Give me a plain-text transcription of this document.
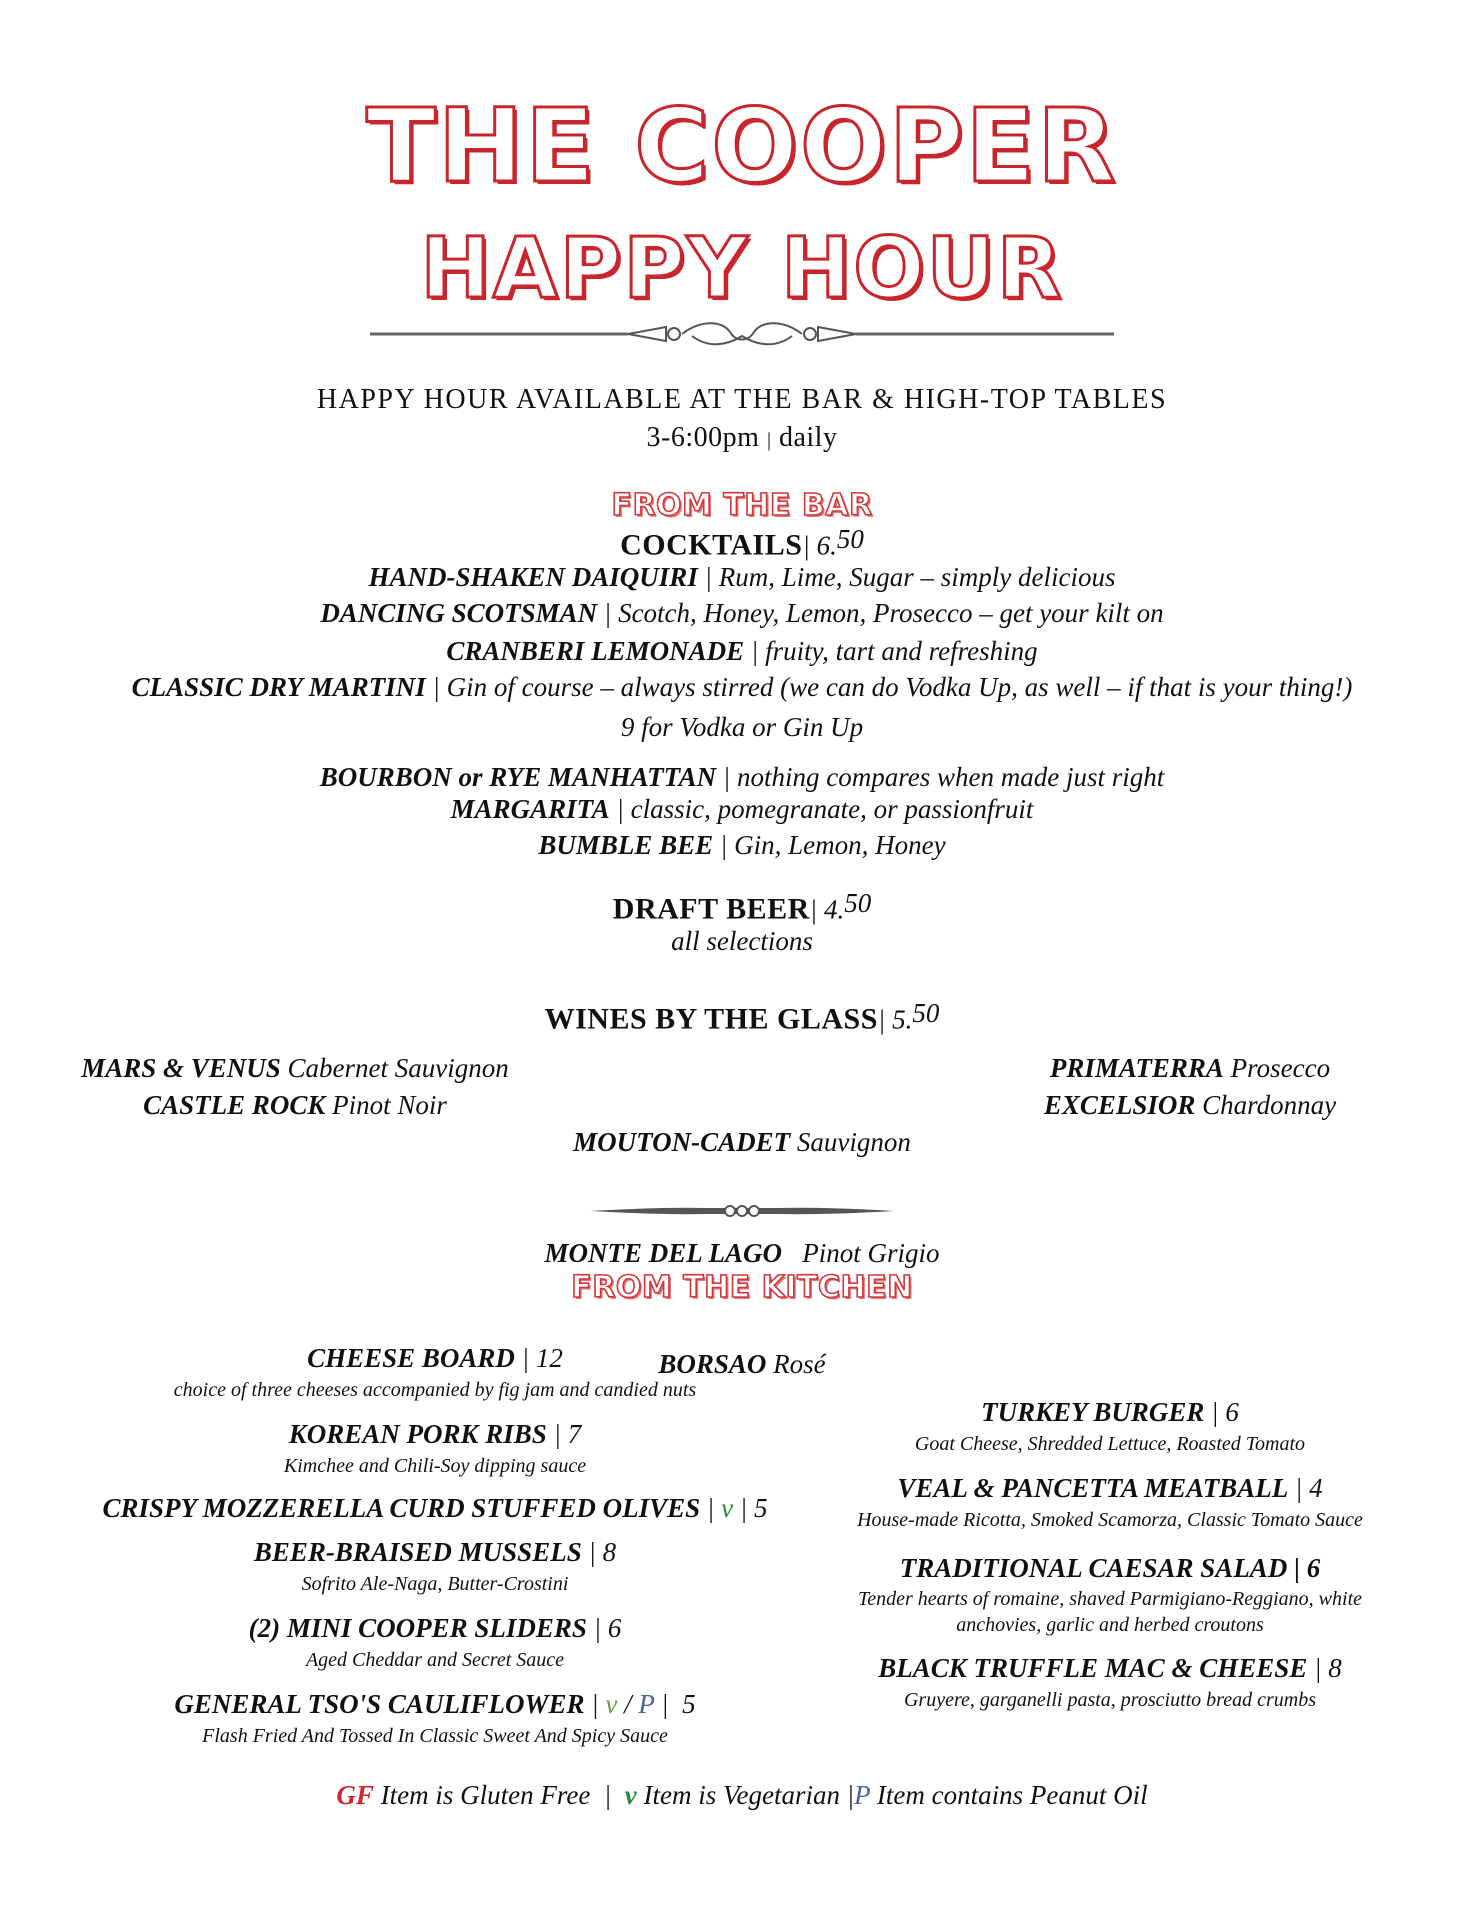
THE COOPER
HAPPY HOUR
HAPPY HOUR AVAILABLE AT THE BAR & HIGH-TOP TABLES
3-6:00pm | daily
FROM THE BAR
COCKTAILS| 6.50
HAND-SHAKEN DAIQUIRI | Rum, Lime, Sugar – simply delicious
DANCING SCOTSMAN | Scotch, Honey, Lemon, Prosecco – get your kilt on
CRANBERI LEMONADE | fruity, tart and refreshing
CLASSIC DRY MARTINI | Gin of course – always stirred (we can do Vodka Up, as well – if that is your thing!)
9 for Vodka or Gin Up
BOURBON or RYE MANHATTAN | nothing compares when made just right
MARGARITA | classic, pomegranate, or passionfruit
BUMBLE BEE | Gin, Lemon, Honey
DRAFT BEER| 4.50
all selections
WINES BY THE GLASS| 5.50
MARS & VENUS Cabernet Sauvignon
CASTLE ROCK Pinot Noir

MOUTON-CADET Sauvignon

MONTE DEL LAGO   Pinot Grigio

BORSAO Rosé

PRIMATERRA Prosecco
EXCELSIOR Chardonnay
FROM THE KITCHEN
CHEESE BOARD | 12
choice of three cheeses accompanied by fig jam and candied nuts
KOREAN PORK RIBS | 7
Kimchee and Chili-Soy dipping sauce
CRISPY MOZZERELLA CURD STUFFED OLIVES | v | 5
BEER-BRAISED MUSSELS | 8
Sofrito Ale-Naga, Butter-Crostini
(2) MINI COOPER SLIDERS | 6
Aged Cheddar and Secret Sauce
GENERAL TSO'S CAULIFLOWER | v / P |  5
Flash Fried And Tossed In Classic Sweet And Spicy Sauce
TURKEY BURGER | 6
Goat Cheese, Shredded Lettuce, Roasted Tomato
VEAL & PANCETTA MEATBALL | 4
House-made Ricotta, Smoked Scamorza, Classic Tomato Sauce
TRADITIONAL CAESAR SALAD | 6
Tender hearts of romaine, shaved Parmigiano-Reggiano, white
anchovies, garlic and herbed croutons
BLACK TRUFFLE MAC & CHEESE | 8
Gruyere, garganelli pasta, prosciutto bread crumbs
GF Item is Gluten Free  |  v Item is Vegetarian |P Item contains Peanut Oil
